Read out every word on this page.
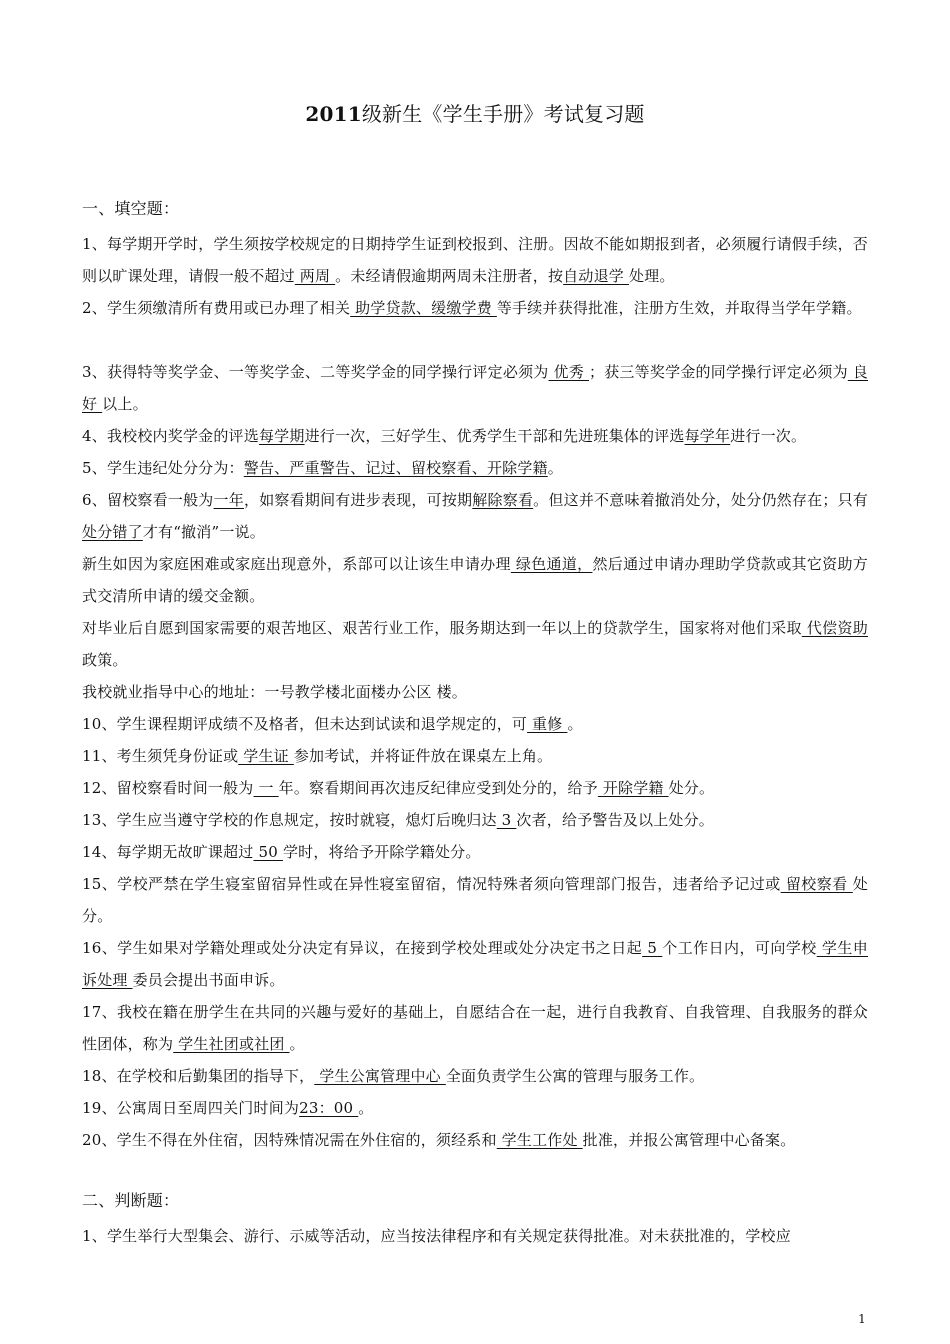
2011级新生《学生手册》考试复习题
一、填空题：
1、每学期开学时，学生须按学校规定的日期持学生证到校报到、注册。因故不能如期报到者，必须履行请假手续，否则以旷课处理，请假一般不超过 两周 。未经请假逾期两周未注册者，按自动退学 处理。
2、学生须缴清所有费用或已办理了相关 助学贷款、缓缴学费 等手续并获得批准，注册方生效，并取得当学年学籍。
3、获得特等奖学金、一等奖学金、二等奖学金的同学操行评定必须为 优秀 ；获三等奖学金的同学操行评定必须为 良好 以上。
4、我校校内奖学金的评选每学期进行一次，三好学生、优秀学生干部和先进班集体的评选每学年进行一次。
5、学生违纪处分分为：警告、严重警告、记过、留校察看、开除学籍。
6、留校察看一般为一年，如察看期间有进步表现，可按期解除察看。但这并不意味着撤消处分，处分仍然存在；只有处分错了才有“撤消”一说。
新生如因为家庭困难或家庭出现意外，系部可以让该生申请办理 绿色通道，然后通过申请办理助学贷款或其它资助方式交清所申请的缓交金额。
对毕业后自愿到国家需要的艰苦地区、艰苦行业工作，服务期达到一年以上的贷款学生，国家将对他们采取 代偿资助 政策。
我校就业指导中心的地址：一号教学楼北面楼办公区 楼。
10、学生课程期评成绩不及格者，但未达到试读和退学规定的，可 重修 。
11、考生须凭身份证或 学生证 参加考试，并将证件放在课桌左上角。
12、留校察看时间一般为 一 年。察看期间再次违反纪律应受到处分的，给予 开除学籍 处分。
13、学生应当遵守学校的作息规定，按时就寝，熄灯后晚归达 3 次者，给予警告及以上处分。
14、每学期无故旷课超过 50 学时，将给予开除学籍处分。
15、学校严禁在学生寝室留宿异性或在异性寝室留宿，情况特殊者须向管理部门报告，违者给予记过或 留校察看 处分。
16、学生如果对学籍处理或处分决定有异议，在接到学校处理或处分决定书之日起 5 个工作日内，可向学校 学生申诉处理 委员会提出书面申诉。
17、我校在籍在册学生在共同的兴趣与爱好的基础上，自愿结合在一起，进行自我教育、自我管理、自我服务的群众性团体，称为 学生社团或社团 。
18、在学校和后勤集团的指导下， 学生公寓管理中心 全面负责学生公寓的管理与服务工作。
19、公寓周日至周四关门时间为23：00 。
20、学生不得在外住宿，因特殊情况需在外住宿的，须经系和 学生工作处 批准，并报公寓管理中心备案。
二、判断题：
1、学生举行大型集会、游行、示威等活动，应当按法律程序和有关规定获得批准。对未获批准的，学校应
1
